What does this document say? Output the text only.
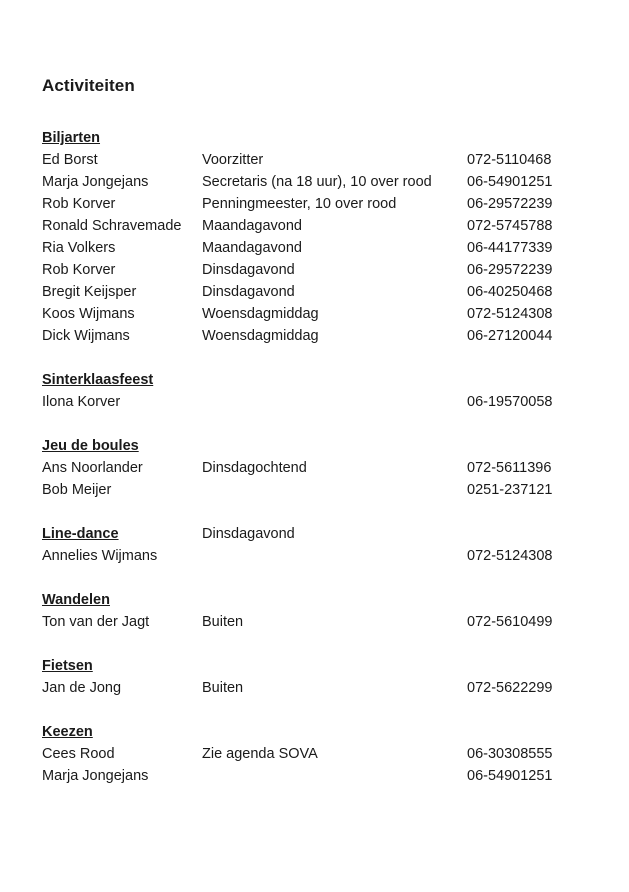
Activiteiten
Biljarten
Ed Borst	Voorzitter	072-5110468
Marja Jongejans	Secretaris (na 18 uur), 10 over rood 06-54901251
Rob Korver	Penningmeester, 10 over rood	06-29572239
Ronald Schravemade Maandagavond	072-5745788
Ria Volkers	Maandagavond	06-44177339
Rob Korver	Dinsdagavond	06-29572239
Bregit Keijsper	Dinsdagavond	06-40250468
Koos Wijmans	Woensdagmiddag	072-5124308
Dick Wijmans	Woensdagmiddag	06-27120044
Sinterklaasfeest
Ilona Korver	06-19570058
Jeu de boules
Ans Noorlander	Dinsdagochtend	072-5611396
Bob Meijer	0251-237121
Line-dance	Dinsdagavond
Annelies Wijmans	072-5124308
Wandelen
Ton van der Jagt	Buiten	072-5610499
Fietsen
Jan de Jong	Buiten	072-5622299
Keezen
Cees Rood	Zie agenda SOVA	06-30308555
Marja Jongejans	06-54901251
